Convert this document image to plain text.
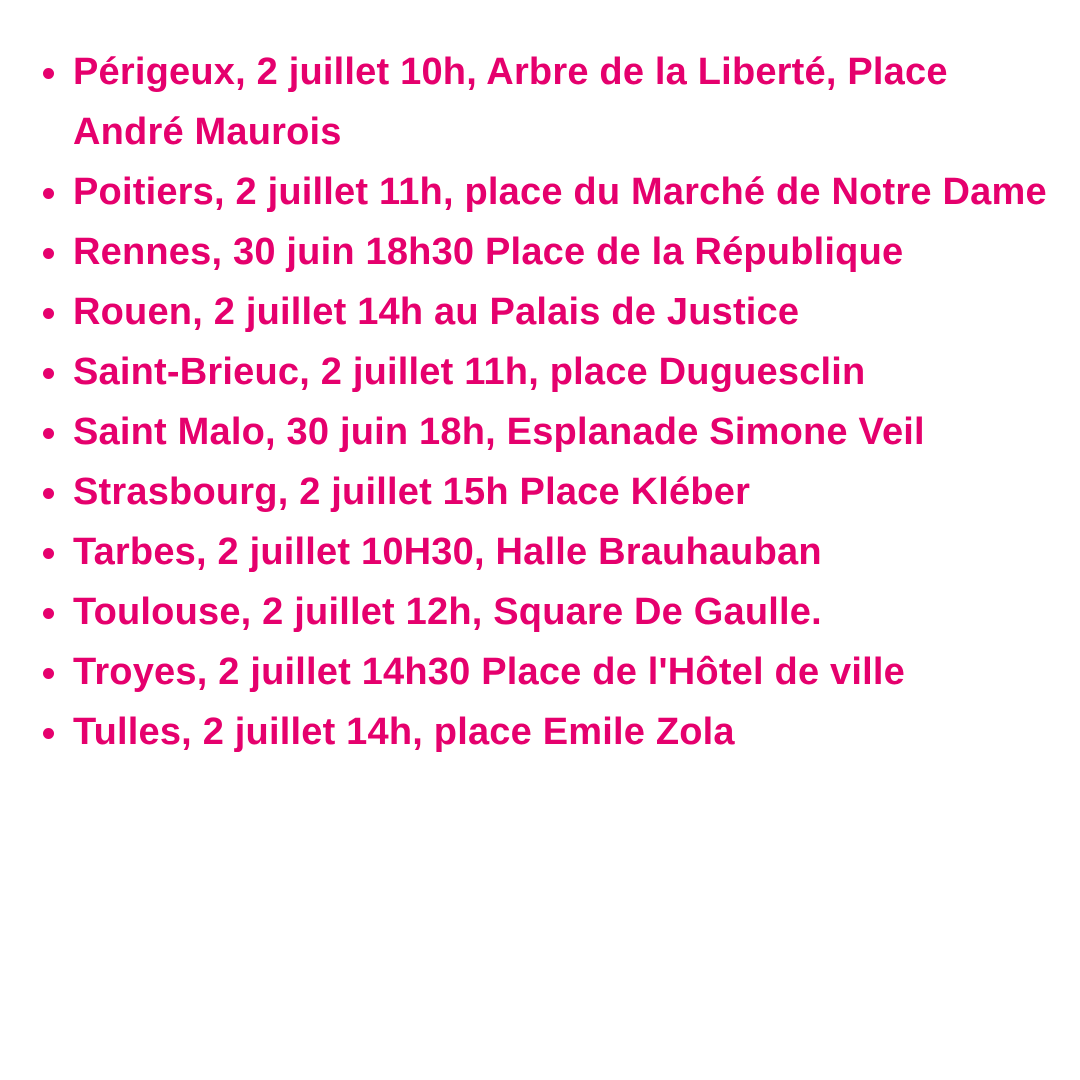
Périgeux, 2 juillet 10h, Arbre de la Liberté, Place André Maurois
Poitiers, 2 juillet 11h, place du Marché de Notre Dame
Rennes, 30 juin 18h30 Place de la République
Rouen, 2 juillet 14h au Palais de Justice
Saint-Brieuc, 2 juillet 11h, place Duguesclin
Saint Malo, 30 juin 18h, Esplanade Simone Veil
Strasbourg, 2 juillet 15h Place Kléber
Tarbes, 2 juillet 10H30, Halle Brauhauban
Toulouse, 2 juillet 12h, Square De Gaulle.
Troyes, 2 juillet 14h30 Place de l'Hôtel de ville
Tulles, 2 juillet 14h, place Emile Zola
